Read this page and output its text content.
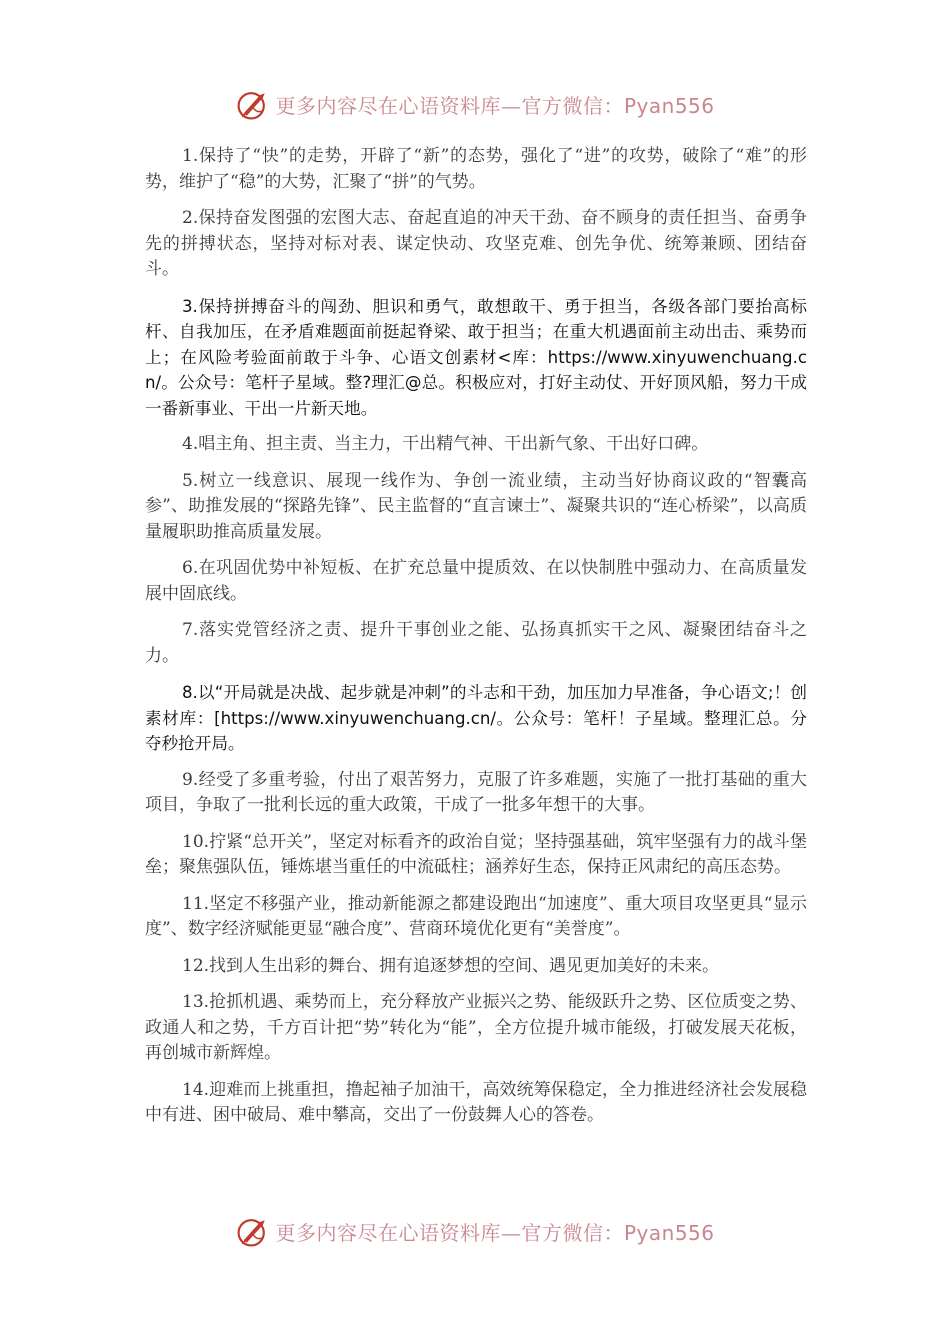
更多内容尽在心语资料库—官方微信：Pyan556

1.保持了“快”的走势，开辟了“新”的态势，强化了“进”的攻势，破除了“难”的形势，维护了“稳”的大势，汇聚了“拼”的气势。

2.保持奋发图强的宏图大志、奋起直追的冲天干劲、奋不顾身的责任担当、奋勇争先的拼搏状态，坚持对标对表、谋定快动、攻坚克难、创先争优、统筹兼顾、团结奋斗。

3.保持拼搏奋斗的闯劲、胆识和勇气，敢想敢干、勇于担当，各级各部门要抬高标杆、自我加压，在矛盾难题面前挺起脊梁、敢于担当；在重大机遇面前主动出击、乘势而上；在风险考验面前敢于斗争、心语文创素材<库：https://www.xinyuwenchuang.cn/。公众号：笔杆子星域。整?理汇@总。积极应对，打好主动仗、开好顶风船，努力干成一番新事业、干出一片新天地。

4.唱主角、担主责、当主力，干出精气神、干出新气象、干出好口碑。

5.树立一线意识、展现一线作为、争创一流业绩，主动当好协商议政的“智囊高参”、助推发展的“探路先锋”、民主监督的“直言谏士”、凝聚共识的“连心桥梁”，以高质量履职助推高质量发展。

6.在巩固优势中补短板、在扩充总量中提质效、在以快制胜中强动力、在高质量发展中固底线。

7.落实党管经济之责、提升干事创业之能、弘扬真抓实干之风、凝聚团结奋斗之力。

8.以“开局就是决战、起步就是冲刺”的斗志和干劲，加压加力早准备，争心语文;！创素材库：[https://www.xinyuwenchuang.cn/。公众号：笔杆！子星域。整理汇总。分夺秒抢开局。

9.经受了多重考验，付出了艰苦努力，克服了许多难题，实施了一批打基础的重大项目，争取了一批利长远的重大政策，干成了一批多年想干的大事。

10.拧紧“总开关”，坚定对标看齐的政治自觉；坚持强基础，筑牢坚强有力的战斗堡垒；聚焦强队伍，锤炼堪当重任的中流砥柱；涵养好生态，保持正风肃纪的高压态势。

11.坚定不移强产业，推动新能源之都建设跑出“加速度”、重大项目攻坚更具“显示度”、数字经济赋能更显“融合度”、营商环境优化更有“美誉度”。

12.找到人生出彩的舞台、拥有追逐梦想的空间、遇见更加美好的未来。

13.抢抓机遇、乘势而上，充分释放产业振兴之势、能级跃升之势、区位质变之势、政通人和之势，千方百计把“势”转化为“能”，全方位提升城市能级，打破发展天花板，再创城市新辉煌。

14.迎难而上挑重担，撸起袖子加油干，高效统筹保稳定，全力推进经济社会发展稳中有进、困中破局、难中攀高，交出了一份鼓舞人心的答卷。

更多内容尽在心语资料库—官方微信：Pyan556
